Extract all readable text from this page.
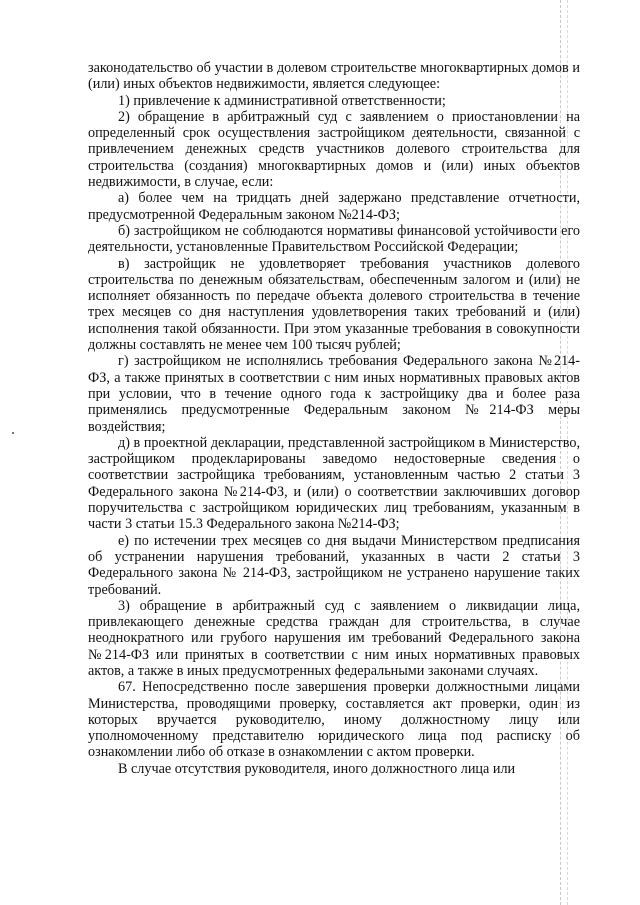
законодательство об участии в долевом строительстве многоквартирных домов и (или) иных объектов недвижимости, является следующее:

1) привлечение к административной ответственности;

2) обращение в арбитражный суд с заявлением о приостановлении на определенный срок осуществления застройщиком деятельности, связанной с привлечением денежных средств участников долевого строительства для строительства (создания) многоквартирных домов и (или) иных объектов недвижимости, в случае, если:

а) более чем на тридцать дней задержано представление отчетности, предусмотренной Федеральным законом №214-ФЗ;

б) застройщиком не соблюдаются нормативы финансовой устойчивости его деятельности, установленные Правительством Российской Федерации;

в) застройщик не удовлетворяет требования участников долевого строительства по денежным обязательствам, обеспеченным залогом и (или) не исполняет обязанность по передаче объекта долевого строительства в течение трех месяцев со дня наступления удовлетворения таких требований и (или) исполнения такой обязанности. При этом указанные требования в совокупности должны составлять не менее чем 100 тысяч рублей;

г) застройщиком не исполнялись требования Федерального закона №214-ФЗ, а также принятых в соответствии с ним иных нормативных правовых актов при условии, что в течение одного года к застройщику два и более раза применялись предусмотренные Федеральным законом №214-ФЗ меры воздействия;

д) в проектной декларации, представленной застройщиком в Министерство, застройщиком продекларированы заведомо недостоверные сведения о соответствии застройщика требованиям, установленным частью 2 статьи 3 Федерального закона №214-ФЗ, и (или) о соответствии заключивших договор поручительства с застройщиком юридических лиц требованиям, указанным в части 3 статьи 15.3 Федерального закона №214-ФЗ;

е) по истечении трех месяцев со дня выдачи Министерством предписания об устранении нарушения требований, указанных в части 2 статьи 3 Федерального закона № 214-ФЗ, застройщиком не устранено нарушение таких требований.

3) обращение в арбитражный суд с заявлением о ликвидации лица, привлекающего денежные средства граждан для строительства, в случае неоднократного или грубого нарушения им требований Федерального закона №214-ФЗ или принятых в соответствии с ним иных нормативных правовых актов, а также в иных предусмотренных федеральными законами случаях.

67. Непосредственно после завершения проверки должностными лицами Министерства, проводящими проверку, составляется акт проверки, один из которых вручается руководителю, иному должностному лицу или уполномоченному представителю юридического лица под расписку об ознакомлении либо об отказе в ознакомлении с актом проверки.

В случае отсутствия руководителя, иного должностного лица или
